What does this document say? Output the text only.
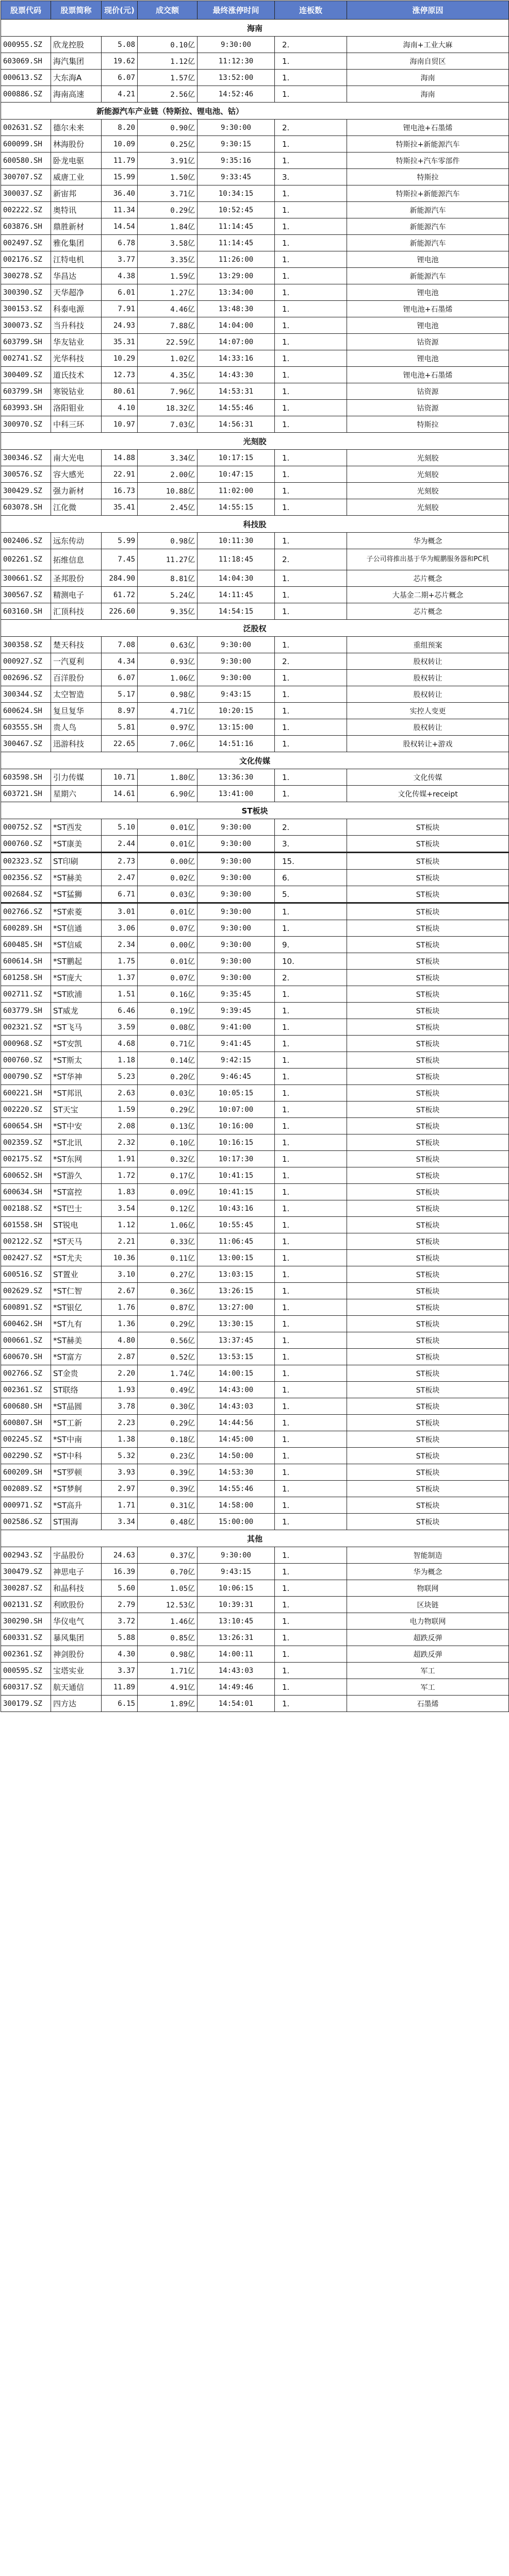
股票代码	股票简称	现价(元)	成交额	最终涨停时间	连板数	涨停原因
海南						
000955.SZ	欣龙控股	5.08	0.10亿	9:30:00	2.	海南+工业大麻
603069.SH	海汽集团	19.62	1.12亿	11:12:30	1.	海南自贸区
000613.SZ	大东海A	6.07	1.57亿	13:52:00	1.	海南
000886.SZ	海南高速	4.21	2.56亿	14:52:46	1.	海南
新能源汽车产业链（特斯拉、锂电池、钴）						
002631.SZ	德尔未来	8.20	0.90亿	9:30:00	2.	锂电池+石墨烯
600099.SH	林海股份	10.09	0.25亿	9:30:15	1.	特斯拉+新能源汽车
600580.SH	卧龙电驱	11.79	3.91亿	9:35:16	1.	特斯拉+汽车零部件
300707.SZ	威唐工业	15.99	1.50亿	9:33:45	3.	特斯拉
300037.SZ	新宙邦	36.40	3.71亿	10:34:15	1.	特斯拉+新能源汽车
002222.SZ	奥特讯	11.34	0.29亿	10:52:45	1.	新能源汽车
603876.SH	鼎胜新材	14.54	1.84亿	11:14:45	1.	新能源汽车
002497.SZ	雅化集团	6.78	3.58亿	11:14:45	1.	新能源汽车
002176.SZ	江特电机	3.77	3.35亿	11:26:00	1.	锂电池
300278.SZ	华昌达	4.38	1.59亿	13:29:00	1.	新能源汽车
300390.SZ	天华超净	6.01	1.27亿	13:34:00	1.	锂电池
300153.SZ	科泰电源	7.91	4.46亿	13:48:30	1.	锂电池+石墨烯
300073.SZ	当升科技	24.93	7.88亿	14:04:00	1.	锂电池
603799.SH	华友钴业	35.31	22.59亿	14:07:00	1.	钴资源
002741.SZ	光华科技	10.29	1.02亿	14:33:16	1.	锂电池
300409.SZ	道氏技术	12.73	4.35亿	14:43:30	1.	锂电池+石墨烯
603799.SH	寒锐钴业	80.61	7.96亿	14:53:31	1.	钴资源
603993.SH	洛阳钼业	4.10	18.32亿	14:55:46	1.	钴资源
300970.SZ	中科三环	10.97	7.03亿	14:56:31	1.	特斯拉
光刻胶						
300346.SZ	南大光电	14.88	3.34亿	10:17:15	1.	光刻胶
300576.SZ	容大感光	22.91	2.00亿	10:47:15	1.	光刻胶
300429.SZ	强力新材	16.73	10.88亿	11:02:00	1.	光刻胶
603078.SH	江化微	35.41	2.45亿	14:55:15	1.	光刻胶
科技股						
002406.SZ	远东传动	5.99	0.98亿	10:11:30	1.	华为概念
002261.SZ	拓维信息	7.45	11.27亿	11:18:45	2.	子公司将推出基于华为鲲鹏服务器和PC机
300661.SZ	圣邦股份	284.90	8.81亿	14:04:30	1.	芯片概念
300567.SZ	精测电子	61.72	5.24亿	14:11:45	1.	大基金二期+芯片概念
603160.SH	汇顶科技	226.60	9.35亿	14:54:15	1.	芯片概念
泛股权						
300358.SZ	楚天科技	7.08	0.63亿	9:30:00	1.	重组预案
000927.SZ	一汽夏利	4.34	0.93亿	9:30:00	2.	股权转让
002696.SZ	百洋股份	6.07	1.06亿	9:30:00	1.	股权转让
300344.SZ	太空智造	5.17	0.98亿	9:43:15	1.	股权转让
600624.SH	复旦复华	8.97	4.71亿	10:20:15	1.	实控人变更
603555.SH	贵人鸟	5.81	0.97亿	13:15:00	1.	股权转让
300467.SZ	迅游科技	22.65	7.06亿	14:51:16	1.	股权转让+游戏
文化传媒						
603598.SH	引力传媒	10.71	1.80亿	13:36:30	1.	文化传媒
603721.SH	星期六	14.61	6.90亿	13:41:00	1.	文化传媒+receipt
ST板块						
000752.SZ	*ST西发	5.10	0.01亿	9:30:00	2.	ST板块
000760.SZ	*ST康美	2.44	0.01亿	9:30:00	3.	ST板块
002323.SZ	ST印刷	2.73	0.00亿	9:30:00	15.	ST板块
002356.SZ	*ST赫美	2.47	0.02亿	9:30:00	6.	ST板块
002684.SZ	*ST猛狮	6.71	0.03亿	9:30:00	5.	ST板块
002766.SZ	*ST索菱	3.01	0.01亿	9:30:00	1.	ST板块
600289.SH	*ST信通	3.06	0.07亿	9:30:00	1.	ST板块
600485.SH	*ST信威	2.34	0.00亿	9:30:00	9.	ST板块
600614.SH	*ST鹏起	1.75	0.01亿	9:30:00	10.	ST板块
601258.SH	*ST庞大	1.37	0.07亿	9:30:00	2.	ST板块
002711.SZ	*ST欧浦	1.51	0.16亿	9:35:45	1.	ST板块
603779.SH	ST威龙	6.46	0.19亿	9:39:45	1.	ST板块
002321.SZ	*ST飞马	3.59	0.08亿	9:41:00	1.	ST板块
000968.SZ	*ST安凯	4.68	0.71亿	9:41:45	1.	ST板块
000760.SZ	*ST斯太	1.18	0.14亿	9:42:15	1.	ST板块
000790.SZ	*ST华神	5.23	0.20亿	9:46:45	1.	ST板块
600221.SH	*ST邦讯	2.63	0.03亿	10:05:15	1.	ST板块
002220.SZ	ST天宝	1.59	0.29亿	10:07:00	1.	ST板块
600654.SH	*ST中安	2.08	0.13亿	10:16:00	1.	ST板块
002359.SZ	*ST北讯	2.32	0.10亿	10:16:15	1.	ST板块
002175.SZ	*ST东网	1.91	0.32亿	10:17:30	1.	ST板块
600652.SH	*ST游久	1.72	0.17亿	10:41:15	1.	ST板块
600634.SH	*ST富控	1.83	0.09亿	10:41:15	1.	ST板块
002188.SZ	*ST巴士	3.54	0.12亿	10:43:16	1.	ST板块
601558.SH	ST锐电	1.12	1.06亿	10:55:45	1.	ST板块
002122.SZ	*ST天马	2.21	0.33亿	11:06:45	1.	ST板块
002427.SZ	*ST尤夫	10.36	0.11亿	13:00:15	1.	ST板块
600516.SZ	ST置业	3.10	0.27亿	13:03:15	1.	ST板块
002629.SZ	*ST仁智	2.67	0.36亿	13:26:15	1.	ST板块
600891.SZ	*ST银亿	1.76	0.87亿	13:27:00	1.	ST板块
600462.SH	*ST九有	1.36	0.29亿	13:30:15	1.	ST板块
000661.SZ	*ST赫美	4.80	0.56亿	13:37:45	1.	ST板块
600670.SH	*ST富方	2.87	0.52亿	13:53:15	1.	ST板块
002766.SZ	ST金贵	2.20	1.74亿	14:00:15	1.	ST板块
002361.SZ	ST联络	1.93	0.49亿	14:43:00	1.	ST板块
600680.SH	*ST晶圆	3.78	0.30亿	14:43:03	1.	ST板块
600807.SH	*ST工新	2.23	0.29亿	14:44:56	1.	ST板块
002245.SZ	*ST中南	1.38	0.18亿	14:45:00	1.	ST板块
002290.SZ	*ST中科	5.32	0.23亿	14:50:00	1.	ST板块
600209.SH	*ST罗顿	3.93	0.39亿	14:53:30	1.	ST板块
002089.SZ	*ST梦舸	2.97	0.39亿	14:55:46	1.	ST板块
000971.SZ	*ST高升	1.71	0.31亿	14:58:00	1.	ST板块
002586.SZ	ST围海	3.34	0.48亿	15:00:00	1.	ST板块
其他						
002943.SZ	宇晶股份	24.63	0.37亿	9:30:00	1.	智能制造
300479.SZ	神思电子	16.39	0.70亿	9:43:15	1.	华为概念
300287.SZ	和晶科技	5.60	1.05亿	10:06:15	1.	物联网
002131.SZ	利欧股份	2.79	12.53亿	10:39:31	1.	区块链
300290.SH	华仪电气	3.72	1.46亿	13:10:45	1.	电力物联网
600331.SZ	暴风集团	5.88	0.85亿	13:26:31	1.	超跌反弹
002361.SZ	神剑股份	4.30	0.98亿	14:00:11	1.	超跌反弹
000595.SZ	宝塔实业	3.37	1.71亿	14:43:03	1.	军工
600317.SZ	航天通信	11.89	4.91亿	14:49:46	1.	军工
300179.SZ	四方达	6.15	1.89亿	14:54:01	1.	石墨烯
